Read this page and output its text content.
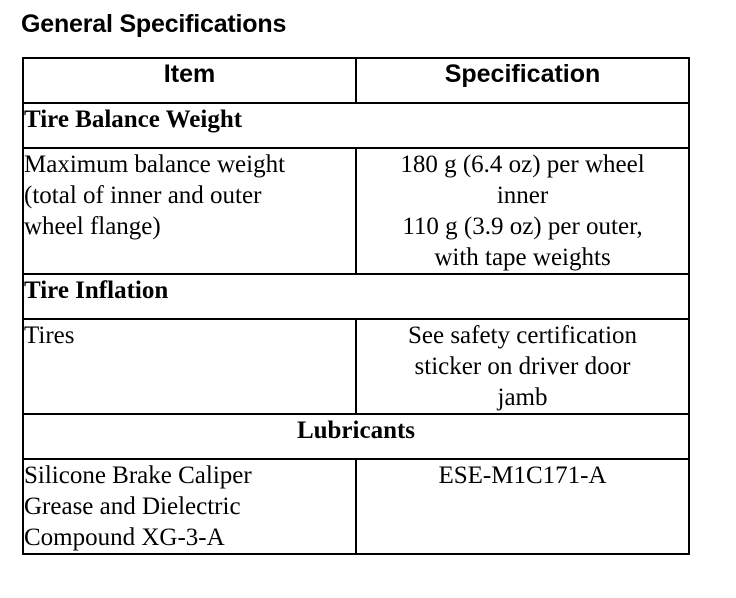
General Specifications
Item	Specification
Tire Balance Weight	

Maximum balance weight
(total of inner and outer
wheel flange)	180 g (6.4 oz) per wheel
inner
110 g (3.9 oz) per outer,
with tape weights

Tire Inflation	

Tires	See safety certification
sticker on driver door
jamb

Lubricants	

Silicone Brake Caliper
Grease and Dielectric
Compound XG-3-A	ESE-M1C171-A
